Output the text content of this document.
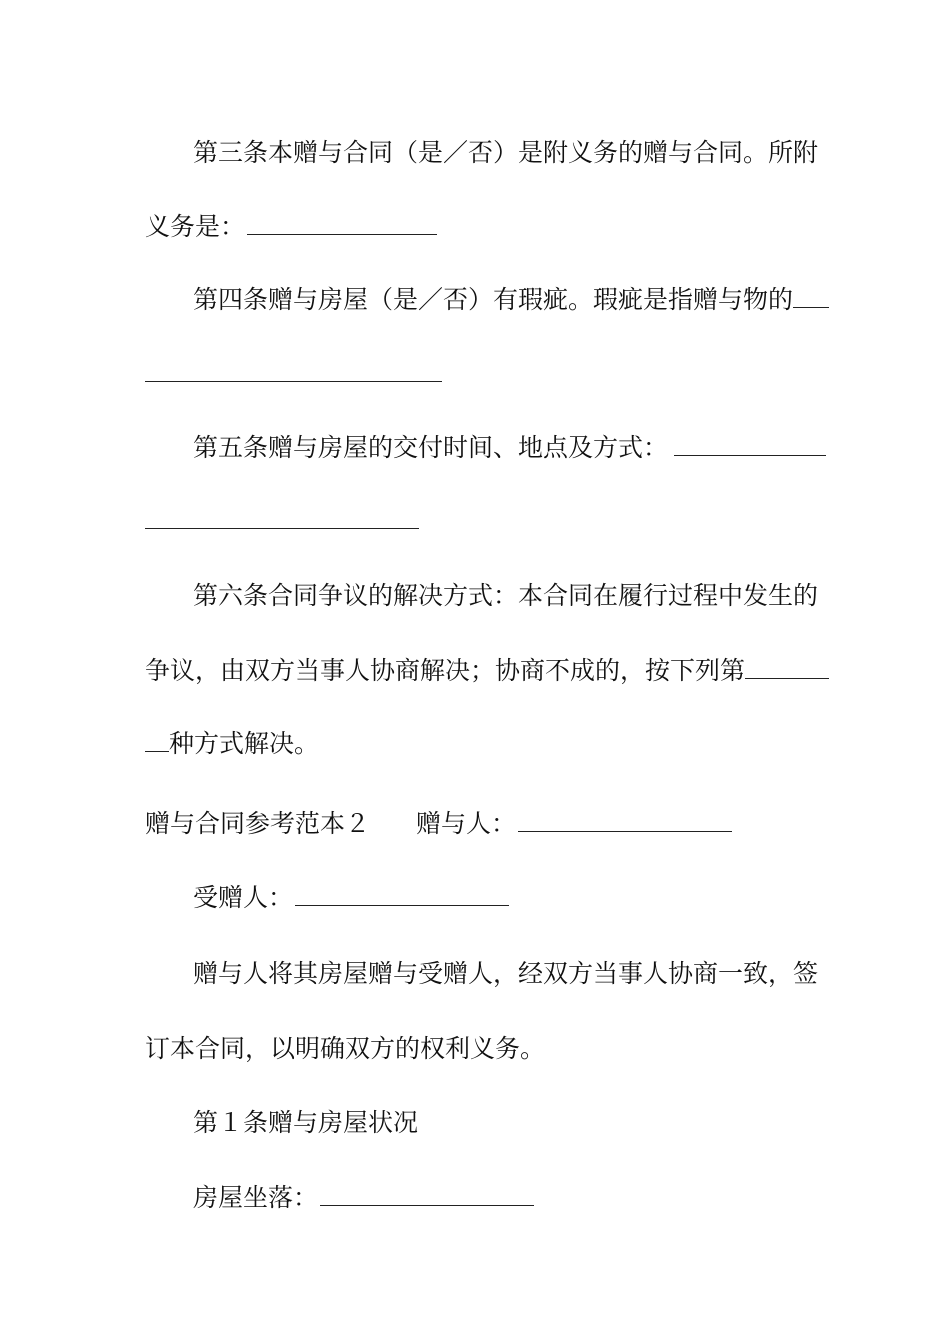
第三条本赠与合同（是／否）是附义务的赠与合同。所附
义务是：
第四条赠与房屋（是／否）有瑕疵。瑕疵是指赠与物的
第五条赠与房屋的交付时间、地点及方式：
第六条合同争议的解决方式：本合同在履行过程中发生的
争议，由双方当事人协商解决；协商不成的，按下列第
种方式解决。
赠与合同参考范本２ 赠与人：
受赠人：
赠与人将其房屋赠与受赠人，经双方当事人协商一致，签
订本合同，以明确双方的权利义务。
第１条赠与房屋状况
房屋坐落：
